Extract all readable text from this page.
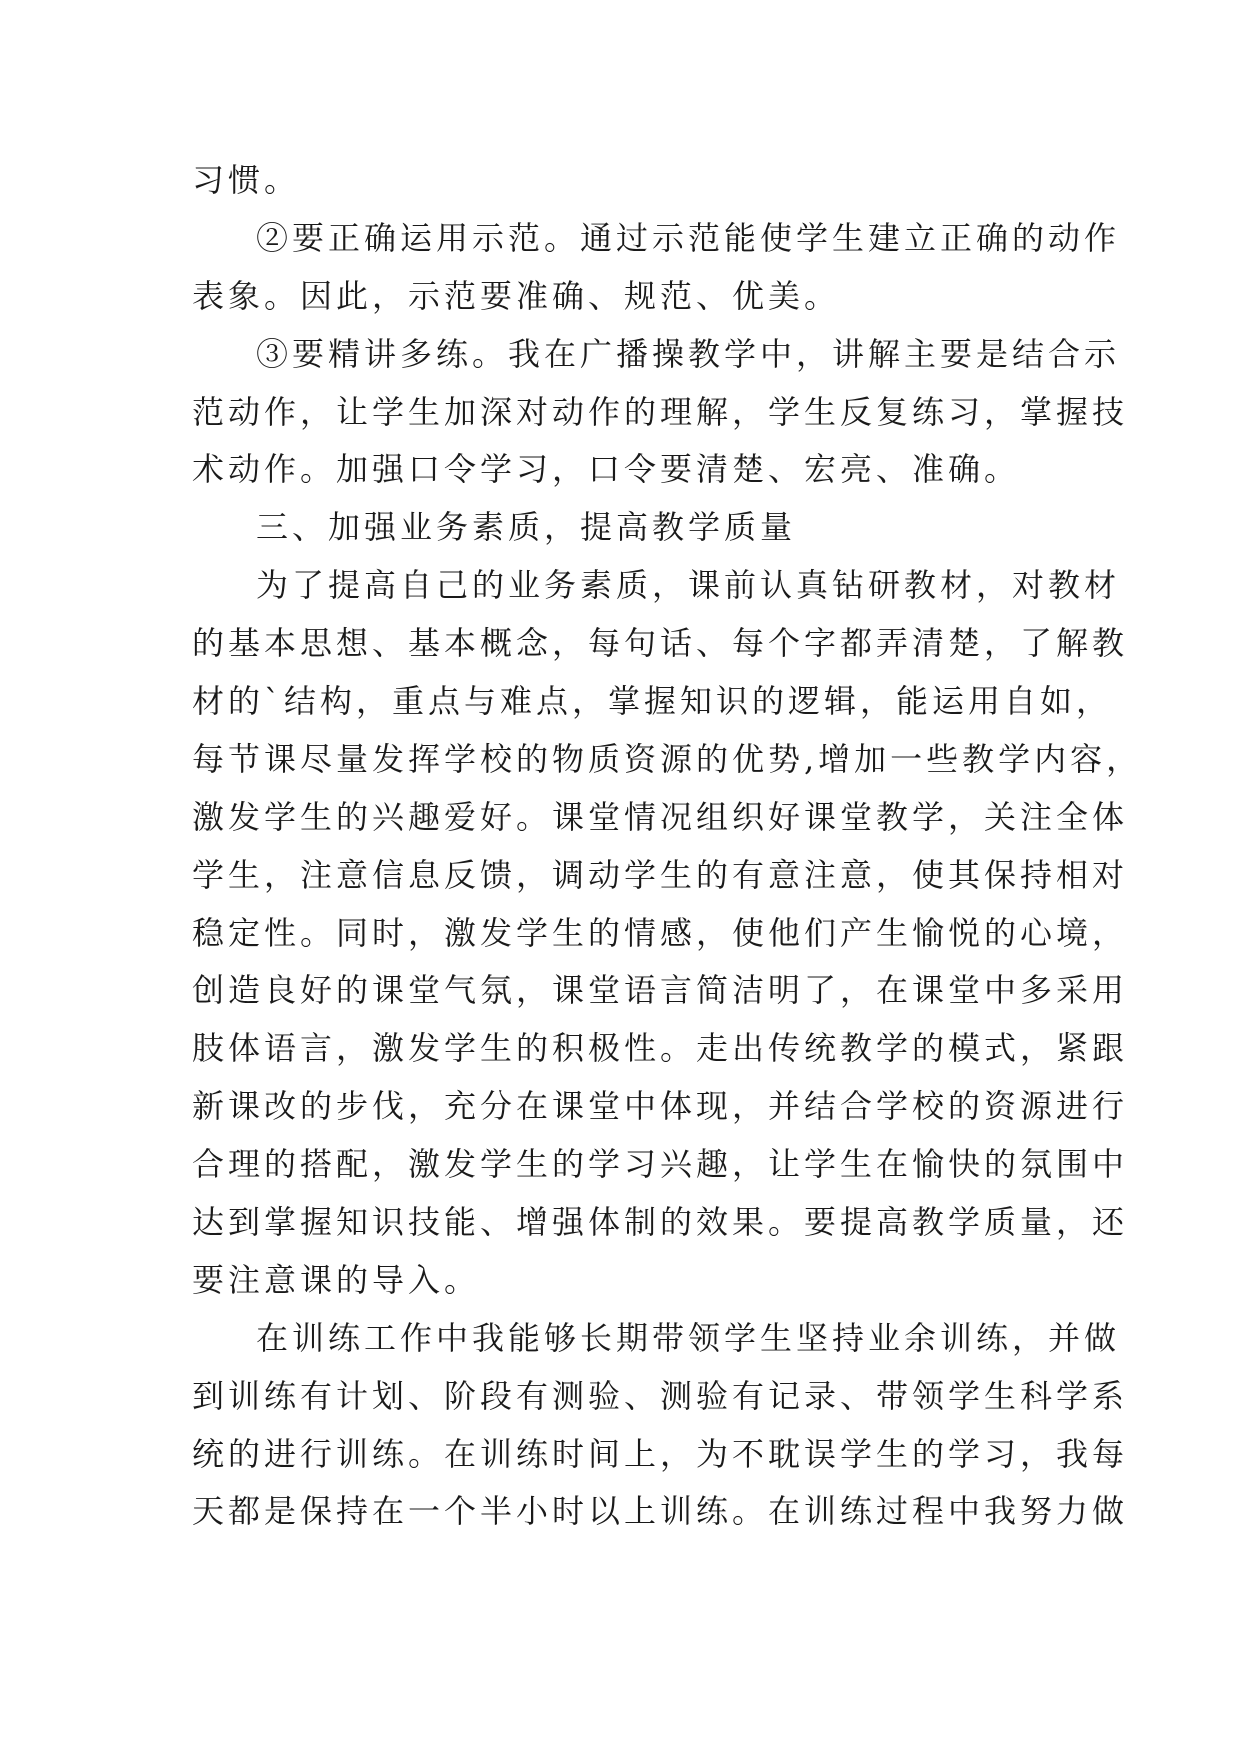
习惯。
②要正确运用示范。通过示范能使学生建立正确的动作
表象。因此，示范要准确、规范、优美。
③要精讲多练。我在广播操教学中，讲解主要是结合示
范动作，让学生加深对动作的理解，学生反复练习，掌握技
术动作。加强口令学习，口令要清楚、宏亮、准确。
三、加强业务素质，提高教学质量
为了提高自己的业务素质，课前认真钻研教材，对教材
的基本思想、基本概念，每句话、每个字都弄清楚，了解教
材的`结构，重点与难点，掌握知识的逻辑，能运用自如，
每节课尽量发挥学校的物质资源的优势,增加一些教学内容，
激发学生的兴趣爱好。课堂情况组织好课堂教学，关注全体
学生，注意信息反馈，调动学生的有意注意，使其保持相对
稳定性。同时，激发学生的情感，使他们产生愉悦的心境，
创造良好的课堂气氛，课堂语言简洁明了，在课堂中多采用
肢体语言，激发学生的积极性。走出传统教学的模式，紧跟
新课改的步伐，充分在课堂中体现，并结合学校的资源进行
合理的搭配，激发学生的学习兴趣，让学生在愉快的氛围中
达到掌握知识技能、增强体制的效果。要提高教学质量，还
要注意课的导入。
在训练工作中我能够长期带领学生坚持业余训练，并做
到训练有计划、阶段有测验、测验有记录、带领学生科学系
统的进行训练。在训练时间上，为不耽误学生的学习，我每
天都是保持在一个半小时以上训练。在训练过程中我努力做
